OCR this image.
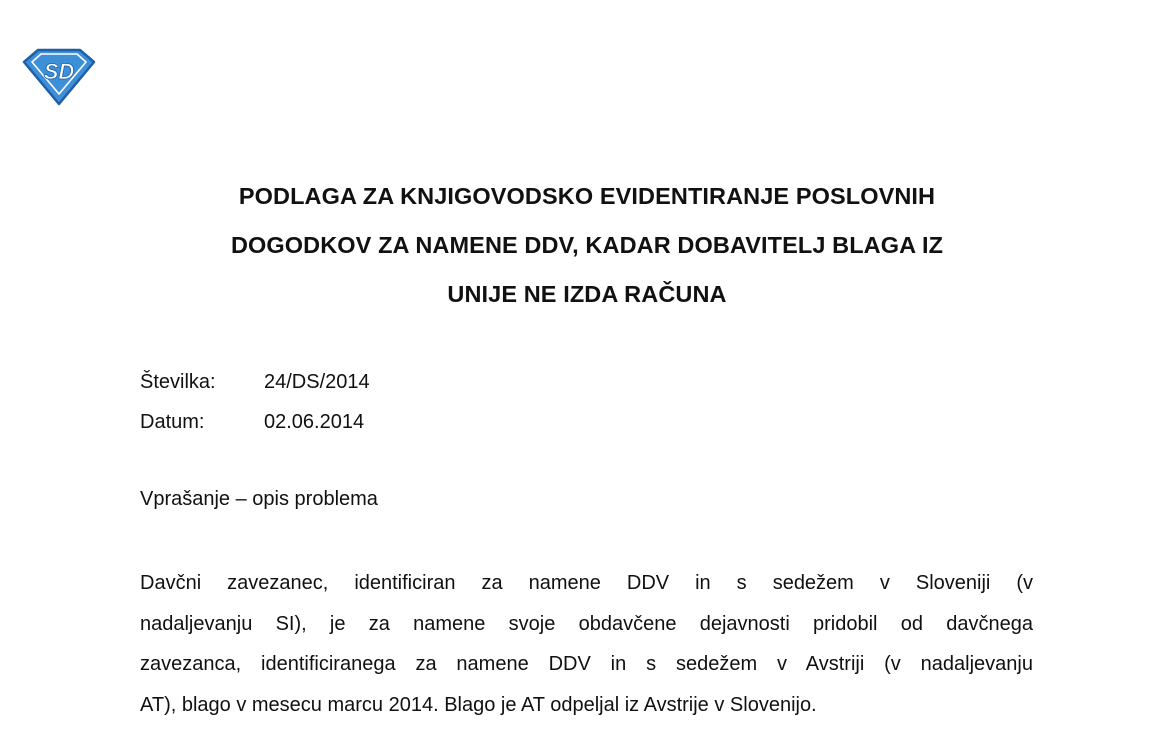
SD
PODLAGA ZA KNJIGOVODSKO EVIDENTIRANJE POSLOVNIH
DOGODKOV ZA NAMENE DDV, KADAR DOBAVITELJ BLAGA IZ
UNIJE NE IZDA RAČUNA
Številka:	24/DS/2014
Datum:	02.06.2014
Vprašanje – opis problema
Davčni zavezanec, identificiran za namene DDV in s sedežem v Sloveniji (v
nadaljevanju SI), je za namene svoje obdavčene dejavnosti pridobil od davčnega
zavezanca, identificiranega za namene DDV in s sedežem v Avstriji (v nadaljevanju
AT), blago v mesecu marcu 2014. Blago je AT odpeljal iz Avstrije v Slovenijo.
